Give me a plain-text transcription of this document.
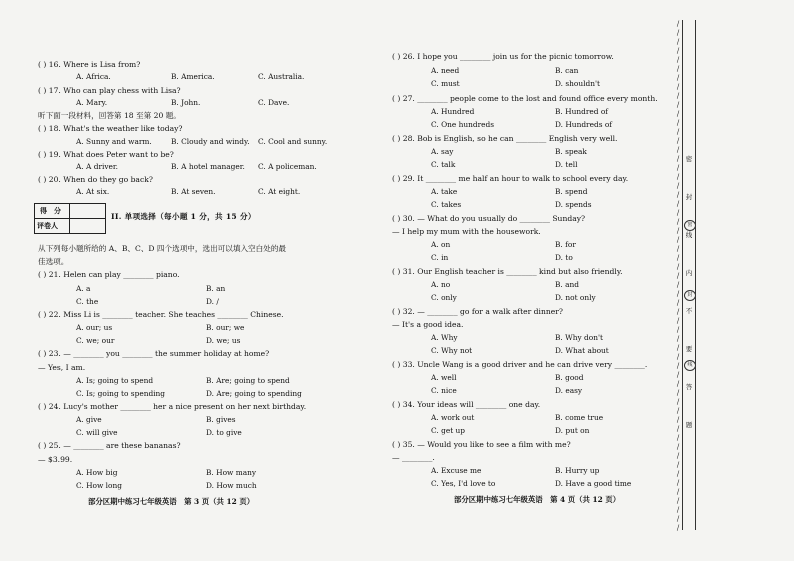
得　分
评卷人
II. 单项选择（每小题 1 分，共 15 分）
部分区期中练习七年级英语　第 3 页（共 12 页）	部分区期中练习七年级英语　第 4 页（共 12 页）
/
/
/
/
/
/
/
/
/
/
/
/
/
/
/
/
/
/
/
/
/
/
/
/
/
/
/
/
/
/
/
/
/
/
/
/
/
/
/
/
/
/
/
/
/
/
/
/
/
/
/
/
/
/
/
/
/
密
封
线
内
不
要
答
题
密
封
线
( ) 16. Where is Lisa from?
( ) 17. Who can play chess with Lisa?
听下面一段材料，回答第 18 至第 20 题。
( ) 18. What's the weather like today?
( ) 19. What does Peter want to be?
( ) 20. When do they go back?
从下列每小题所给的 A、B、C、D 四个选项中，选出可以填入空白处的最
佳选项。
( ) 21. Helen can play ________ piano.
( ) 22. Miss Li is ________ teacher. She teaches ________ Chinese.
( ) 23. — ________ you ________ the summer holiday at home?
— Yes, I am.
( ) 24. Lucy's mother ________ her a nice present on her next birthday.
( ) 25. — ________ are these bananas?
— $3.99.
( ) 26. I hope you ________ join us for the picnic tomorrow.
( ) 27. ________ people come to the lost and found office every month.
( ) 28. Bob is English, so he can ________ English very well.
( ) 29. It ________ me half an hour to walk to school every day.
( ) 30. — What do you usually do ________ Sunday?
— I help my mum with the housework.
( ) 31. Our English teacher is ________ kind but also friendly.
( ) 32. — ________ go for a walk after dinner?
— It's a good idea.
( ) 33. Uncle Wang is a good driver and he can drive very ________.
( ) 34. Your ideas will ________ one day.
( ) 35. — Would you like to see a film with me?
— ________.
A. Africa.	B. America.	C. Australia.
A. Mary.	B. John.	C. Dave.
A. Sunny and warm.	B. Cloudy and windy. C. Cool and sunny.
A. A driver.	B. A hotel manager. C. A policeman.
A. At six.	B. At seven.	C. At eight.
A. a	B. an
C. the	D. /
A. our; us	B. our; we
C. we; our	D. we; us
A. Is; going to spend	B. Are; going to spend
C. Is; going to spending	D. Are; going to spending
A. give	B. gives
C. will give	D. to give
A. How big	B. How many
C. How long	D. How much
A. need	B. can
C. must	D. shouldn't
A. Hundred	B. Hundred of
C. One hundreds	D. Hundreds of
A. say	B. speak
C. talk	D. tell
A. take	B. spend
C. takes	D. spends
A. on	B. for
C. in	D. to
A. no	B. and
C. only	D. not only
A. Why	B. Why don't
C. Why not	D. What about
A. well	B. good
C. nice	D. easy
A. work out	B. come true
C. get up	D. put on
A. Excuse me	B. Hurry up
C. Yes, I'd love to	D. Have a good time
